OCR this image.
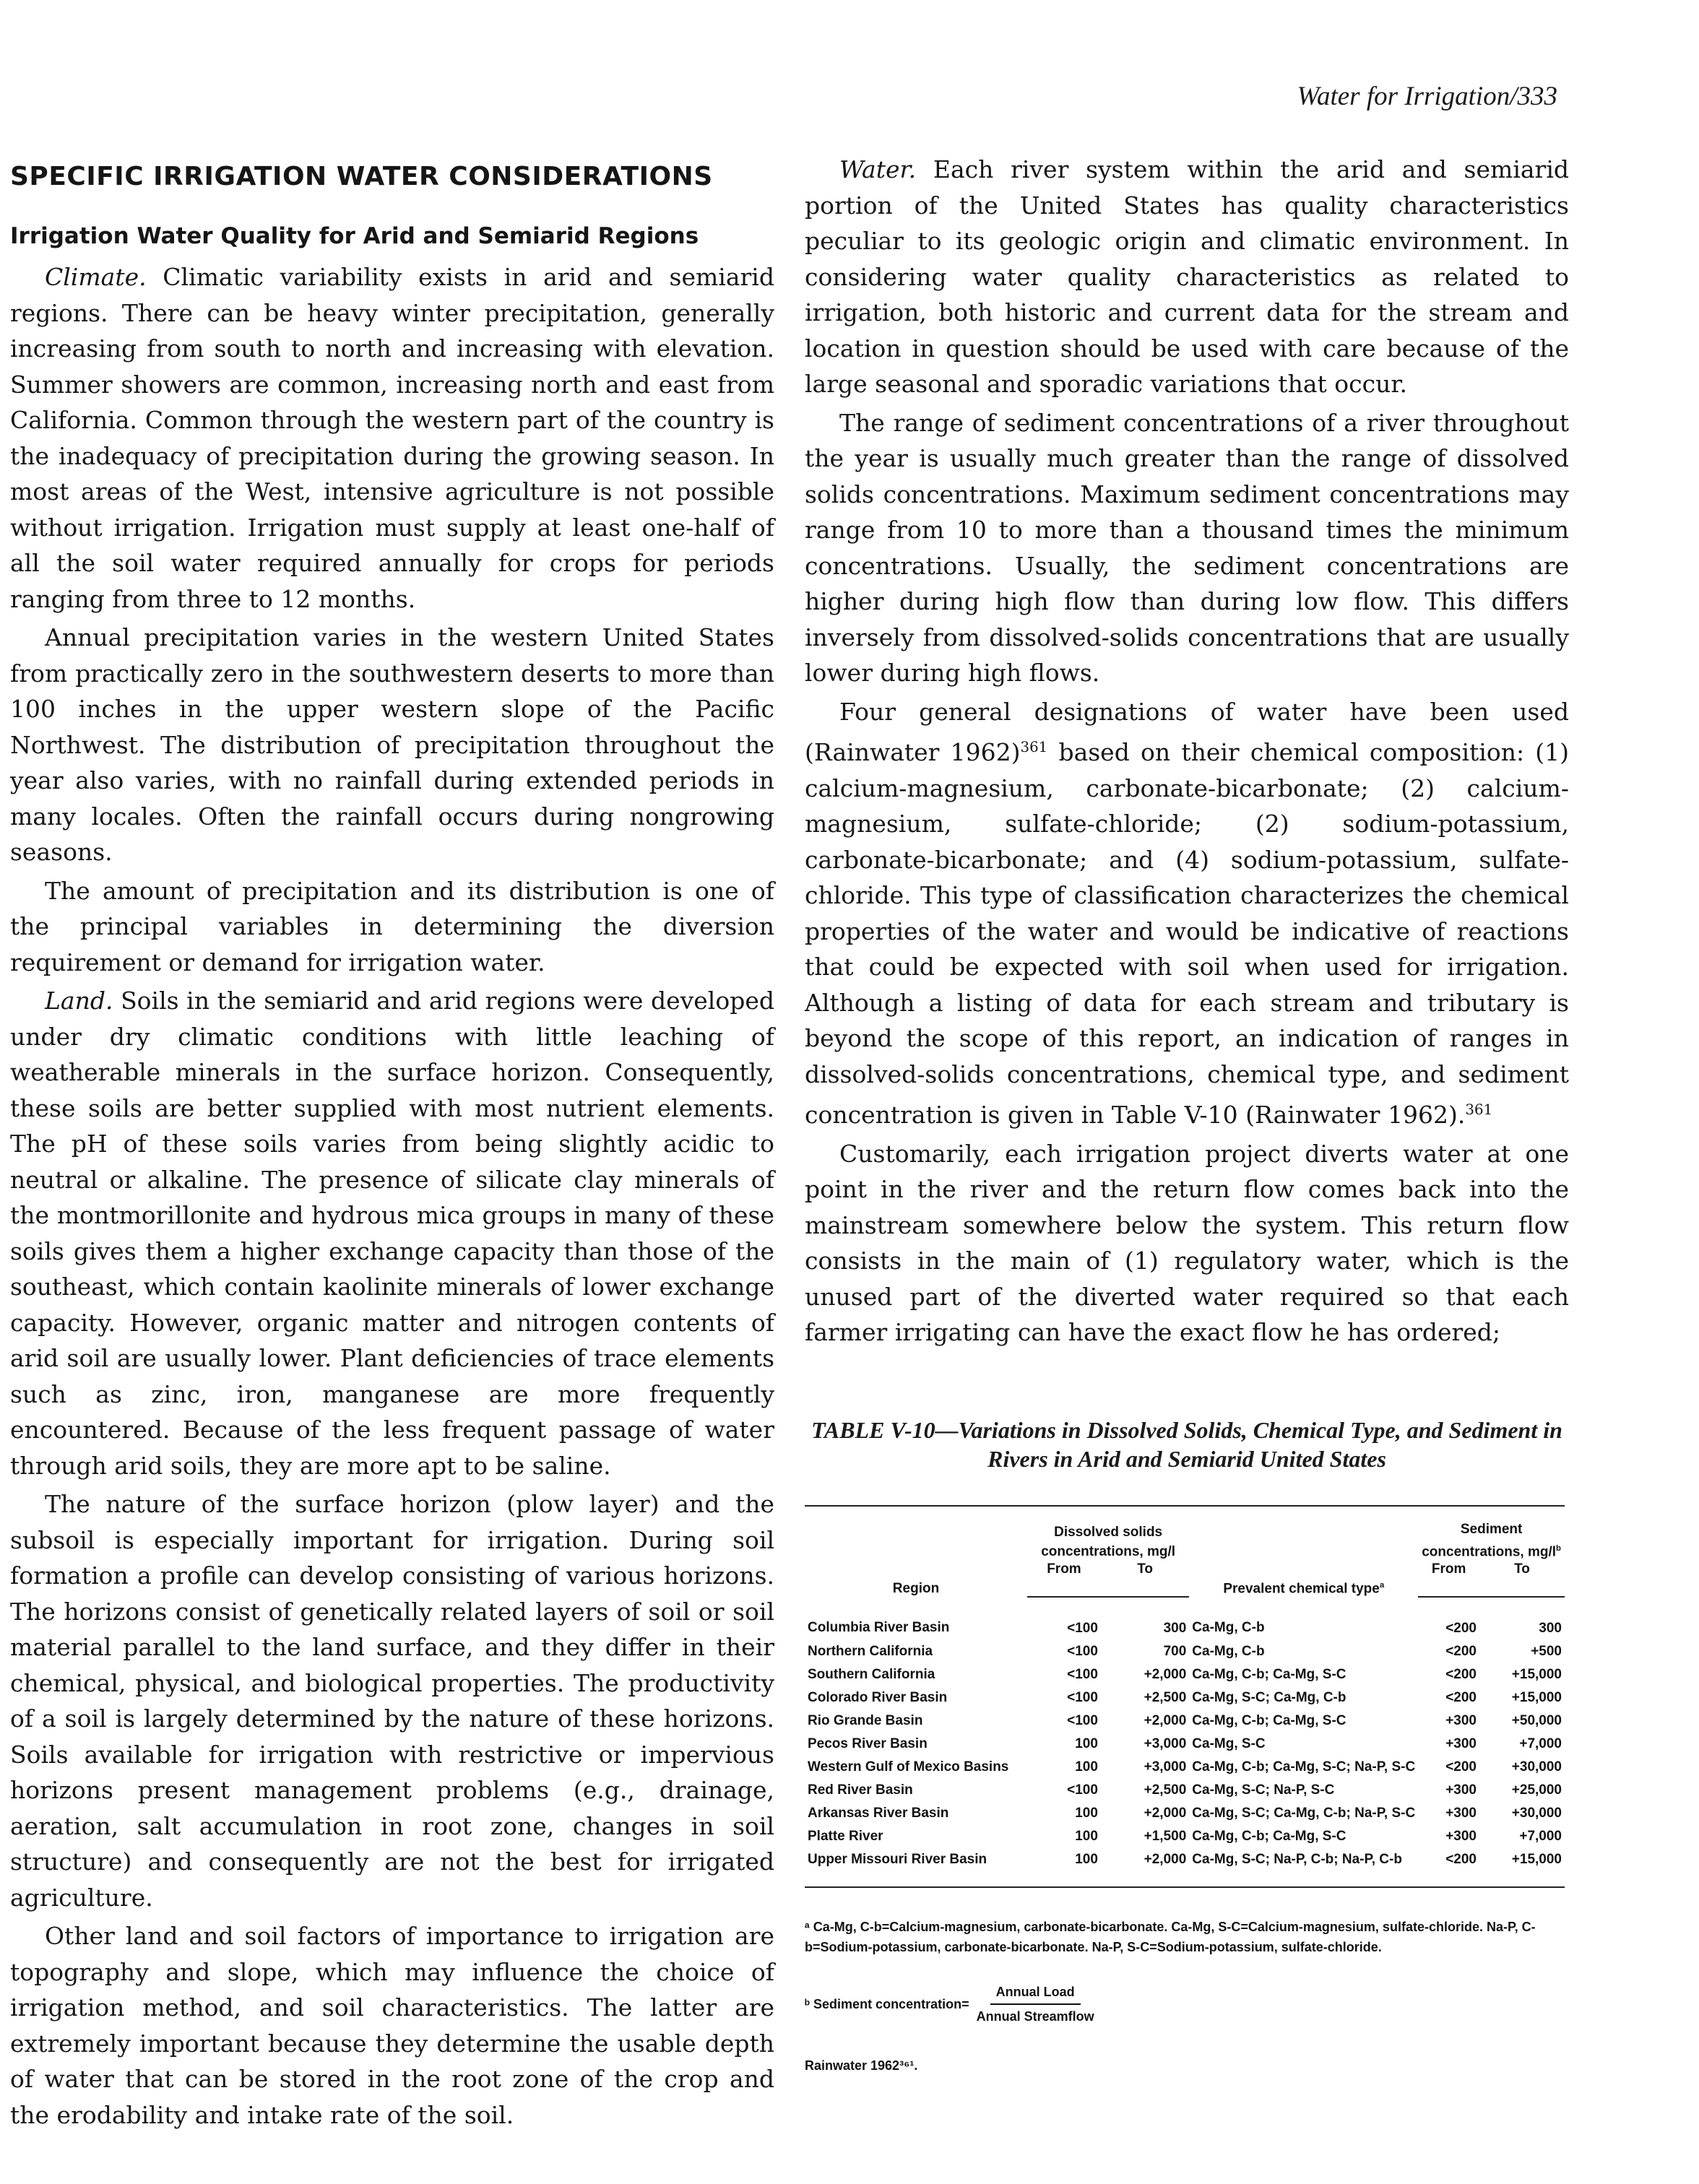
Water for Irrigation/333
SPECIFIC IRRIGATION WATER CONSIDERATIONS
Irrigation Water Quality for Arid and Semiarid Regions

Climate. Climatic variability exists in arid and semiarid regions. There can be heavy winter precipitation, generally increasing from south to north and increasing with elevation. Summer showers are common, increasing north and east from California. Common through the western part of the country is the inadequacy of precipitation during the growing season. In most areas of the West, intensive agriculture is not possible without irrigation. Irrigation must supply at least one-half of all the soil water required annually for crops for periods ranging from three to 12 months.

Annual precipitation varies in the western United States from practically zero in the southwestern deserts to more than 100 inches in the upper western slope of the Pacific Northwest. The distribution of precipitation throughout the year also varies, with no rainfall during extended periods in many locales. Often the rainfall occurs during nongrowing seasons.

The amount of precipitation and its distribution is one of the principal variables in determining the diversion requirement or demand for irrigation water.

Land. Soils in the semiarid and arid regions were developed under dry climatic conditions with little leaching of weatherable minerals in the surface horizon. Consequently, these soils are better supplied with most nutrient elements. The pH of these soils varies from being slightly acidic to neutral or alkaline. The presence of silicate clay minerals of the montmorillonite and hydrous mica groups in many of these soils gives them a higher exchange capacity than those of the southeast, which contain kaolinite minerals of lower exchange capacity. However, organic matter and nitrogen contents of arid soil are usually lower. Plant deficiencies of trace elements such as zinc, iron, manganese are more frequently encountered. Because of the less frequent passage of water through arid soils, they are more apt to be saline.

The nature of the surface horizon (plow layer) and the subsoil is especially important for irrigation. During soil formation a profile can develop consisting of various horizons. The horizons consist of genetically related layers of soil or soil material parallel to the land surface, and they differ in their chemical, physical, and biological properties. The productivity of a soil is largely determined by the nature of these horizons. Soils available for irrigation with restrictive or impervious horizons present management problems (e.g., drainage, aeration, salt accumulation in root zone, changes in soil structure) and consequently are not the best for irrigated agriculture.

Other land and soil factors of importance to irrigation are topography and slope, which may influence the choice of irrigation method, and soil characteristics. The latter are extremely important because they determine the usable depth of water that can be stored in the root zone of the crop and the erodability and intake rate of the soil.

Water. Each river system within the arid and semiarid portion of the United States has quality characteristics peculiar to its geologic origin and climatic environment. In considering water quality characteristics as related to irrigation, both historic and current data for the stream and location in question should be used with care because of the large seasonal and sporadic variations that occur.

The range of sediment concentrations of a river throughout the year is usually much greater than the range of dissolved solids concentrations. Maximum sediment concentrations may range from 10 to more than a thousand times the minimum concentrations. Usually, the sediment concentrations are higher during high flow than during low flow. This differs inversely from dissolved-solids concentrations that are usually lower during high flows.

Four general designations of water have been used (Rainwater 1962)$^{361}$ based on their chemical composition: (1) calcium-magnesium, carbonate-bicarbonate; (2) calcium-magnesium, sulfate-chloride; (2) sodium-potassium, carbonate-bicarbonate; and (4) sodium-potassium, sulfate-chloride. This type of classification characterizes the chemical properties of the water and would be indicative of reactions that could be expected with soil when used for irrigation. Although a listing of data for each stream and tributary is beyond the scope of this report, an indication of ranges in dissolved-solids concentrations, chemical type, and sediment concentration is given in Table V-10 (Rainwater 1962).$^{361}$

Customarily, each irrigation project diverts water at one point in the river and the return flow comes back into the mainstream somewhere below the system. This return flow consists in the main of (1) regulatory water, which is the unused part of the diverted water required so that each farmer irrigating can have the exact flow he has ordered;

TABLE V-10—Variations in Dissolved Solids, Chemical Type, and Sediment in Rivers in Arid and Semiarid United States
Region	Dissolved solids concentrations, mg/l		Prevalent chemical type$^a$	Sediment concentrations, $mg/l^b$
	From	To		From	To
Columbia River Basin	<100	300	Ca-Mg, C-b	<200	300
Northern California	<100	700	Ca-Mg, C-b	<200	+500
Southern California	<100	+2,000	Ca-Mg, C-b; Ca-Mg, S-C	<200	+15,000
Colorado River Basin	<100	+2,500	Ca-Mg, S-C; Ca-Mg, C-b	<200	+15,000
Rio Grande Basin	<100	+2,000	Ca-Mg, C-b; Ca-Mg, S-C	+300	+50,000
Pecos River Basin	100	+3,000	Ca-Mg, S-C	+300	+7,000
Western Gulf of Mexico Basins	100	+3,000	Ca-Mg, C-b; Ca-Mg, S-C; Na-P, S-C	<200	+30,000
Red River Basin	<100	+2,500	Ca-Mg, S-C; Na-P, S-C	+300	+25,000
Arkansas River Basin	100	+2,000	Ca-Mg, S-C; Ca-Mg, C-b; Na-P, S-C	+300	+30,000
Platte River	100	+1,500	Ca-Mg, C-b; Ca-Mg, S-C	+300	+7,000
Upper Missouri River Basin	100	+2,000	Ca-Mg, S-C; Na-P, C-b; Na-P, C-b	<200	+15,000

ᵃ Ca-Mg, C-b=Calcium-magnesium, carbonate-bicarbonate. Ca-Mg, S-C=Calcium-magnesium, sulfate-chloride. Na-P, C-b=Sodium-potassium, carbonate-bicarbonate. Na-P, S-C=Sodium-potassium, sulfate-chloride.

ᵇ Sediment concentration= $\frac{\text{Annual Load}}{\text{Annual Streamflow}}$

Rainwater 1962³⁶¹.
